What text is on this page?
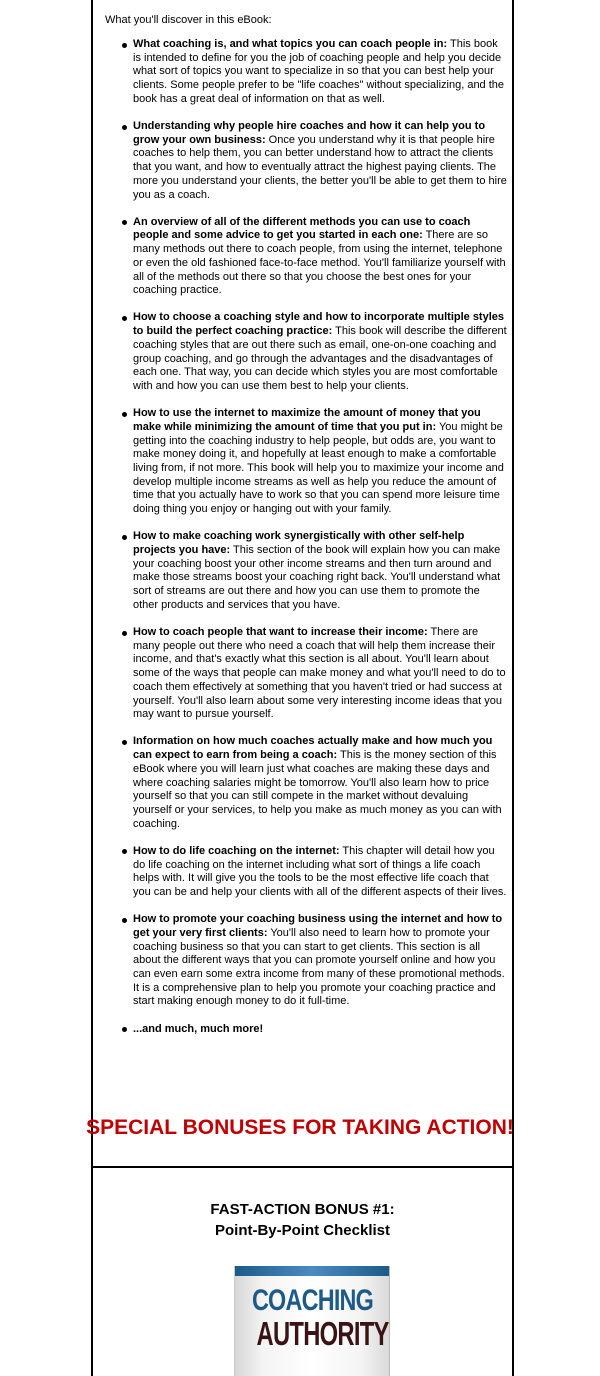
What you'll discover in this eBook:

What coaching is, and what topics you can coach people in: This book is intended to define for you the job of coaching people and help you decide what sort of topics you want to specialize in so that you can best help your clients. Some people prefer to be "life coaches" without specializing, and the book has a great deal of information on that as well.
Understanding why people hire coaches and how it can help you to grow your own business: Once you understand why it is that people hire coaches to help them, you can better understand how to attract the clients that you want, and how to eventually attract the highest paying clients. The more you understand your clients, the better you'll be able to get them to hire you as a coach.
An overview of all of the different methods you can use to coach people and some advice to get you started in each one: There are so many methods out there to coach people, from using the internet, telephone or even the old fashioned face-to-face method. You'll familiarize yourself with all of the methods out there so that you choose the best ones for your coaching practice.
How to choose a coaching style and how to incorporate multiple styles to build the perfect coaching practice: This book will describe the different coaching styles that are out there such as email, one-on-one coaching and group coaching, and go through the advantages and the disadvantages of each one. That way, you can decide which styles you are most comfortable with and how you can use them best to help your clients.
How to use the internet to maximize the amount of money that you make while minimizing the amount of time that you put in: You might be getting into the coaching industry to help people, but odds are, you want to make money doing it, and hopefully at least enough to make a comfortable living from, if not more. This book will help you to maximize your income and develop multiple income streams as well as help you reduce the amount of time that you actually have to work so that you can spend more leisure time doing thing you enjoy or hanging out with your family.
How to make coaching work synergistically with other self-help projects you have: This section of the book will explain how you can make your coaching boost your other income streams and then turn around and make those streams boost your coaching right back. You'll understand what sort of streams are out there and how you can use them to promote the other products and services that you have.
How to coach people that want to increase their income: There are many people out there who need a coach that will help them increase their income, and that's exactly what this section is all about. You'll learn about some of the ways that people can make money and what you'll need to do to coach them effectively at something that you haven't tried or had success at yourself. You'll also learn about some very interesting income ideas that you may want to pursue yourself.
Information on how much coaches actually make and how much you can expect to earn from being a coach: This is the money section of this eBook where you will learn just what coaches are making these days and where coaching salaries might be tomorrow. You'll also learn how to price yourself so that you can still compete in the market without devaluing yourself or your services, to help you make as much money as you can with coaching.
How to do life coaching on the internet: This chapter will detail how you do life coaching on the internet including what sort of things a life coach helps with. It will give you the tools to be the most effective life coach that you can be and help your clients with all of the different aspects of their lives.
How to promote your coaching business using the internet and how to get your very first clients: You'll also need to learn how to promote your coaching business so that you can start to get clients. This section is all about the different ways that you can promote yourself online and how you can even earn some extra income from many of these promotional methods. It is a comprehensive plan to help you promote your coaching practice and start making enough money to do it full-time.
...and much, much more!
SPECIAL BONUSES FOR TAKING ACTION!

FAST-ACTION BONUS #1:

Point-By-Point Checklist

COACHING
AUTHORITY
